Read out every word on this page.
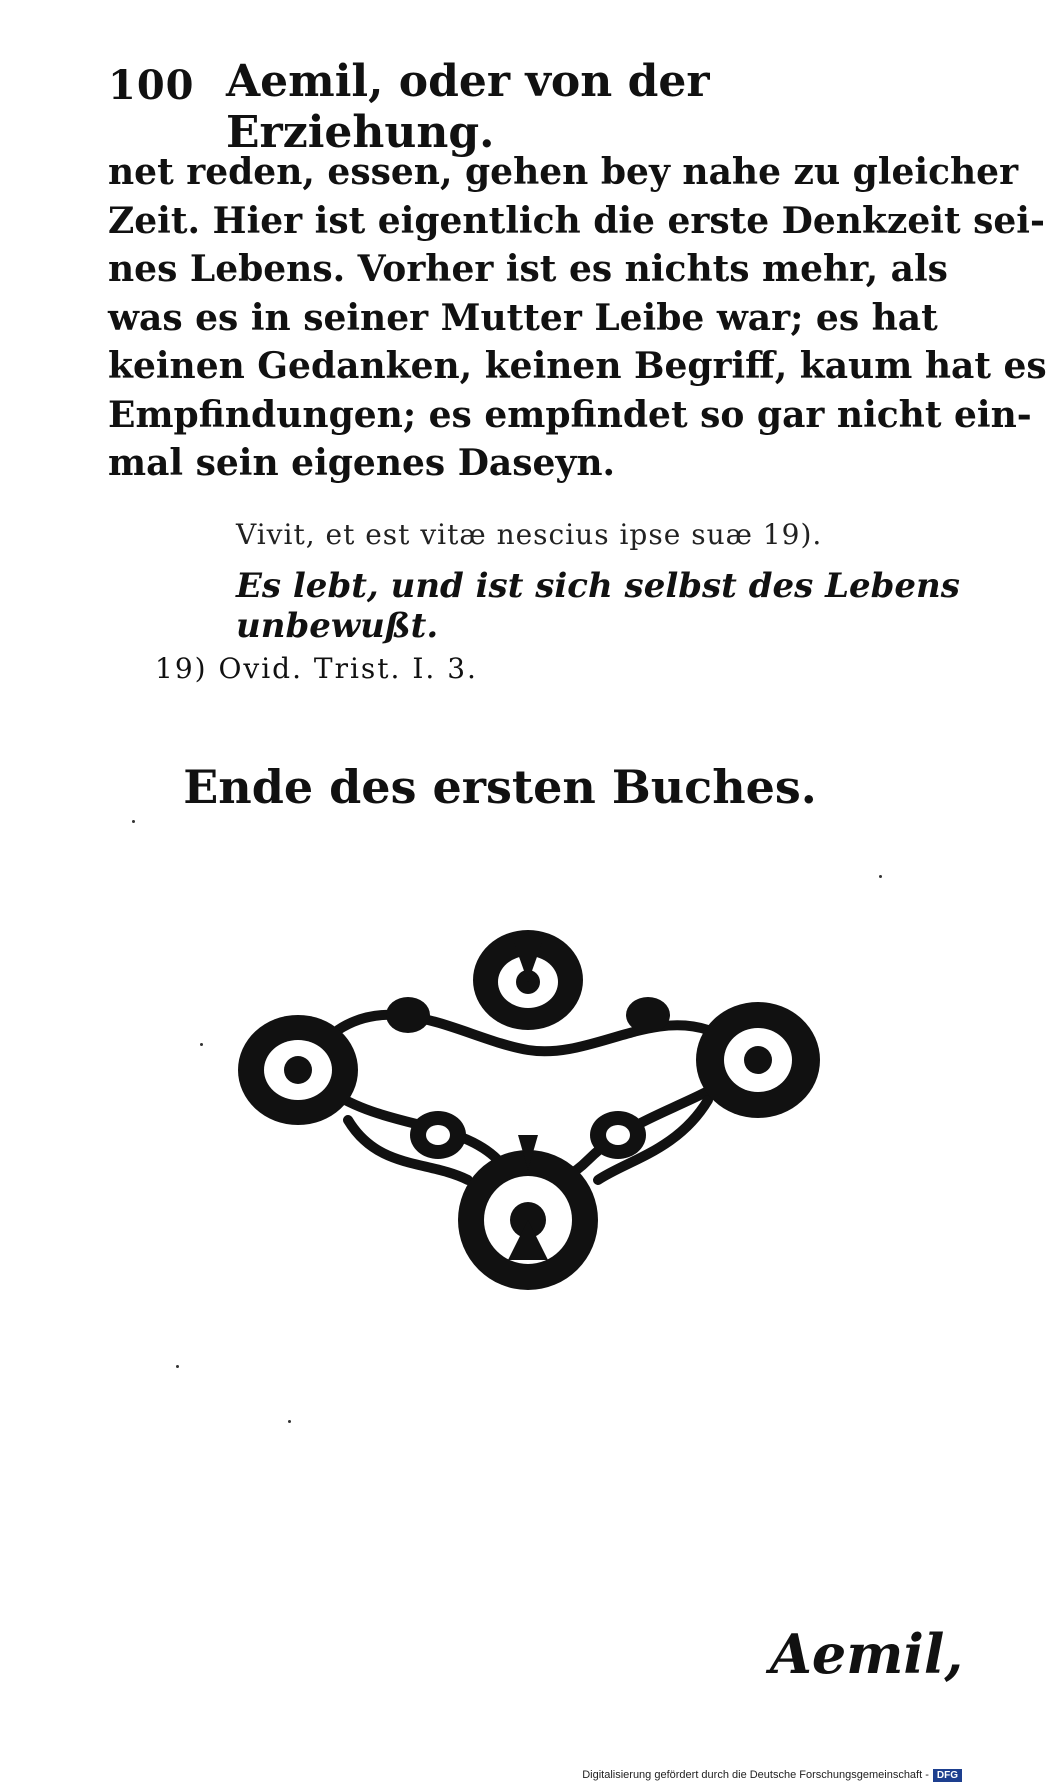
100 Aemil, oder von der Erziehung.
net reden, essen, gehen bey nahe zu gleicher
Zeit. Hier ist eigentlich die erste Denkzeit sei-
nes Lebens. Vorher ist es nichts mehr, als
was es in seiner Mutter Leibe war; es hat
keinen Gedanken, keinen Begriff, kaum hat es
Empfindungen; es empfindet so gar nicht ein-
mal sein eigenes Daseyn.
Vivit, et est vitæ nescius ipse suæ 19).
Es lebt, und ist sich selbst des Lebens unbewußt.
19) Ovid. Trist. I. 3.
Ende des ersten Buches.
Aemil,
Digitalisierung gefördert durch die Deutsche Forschungsgemeinschaft - DFG
